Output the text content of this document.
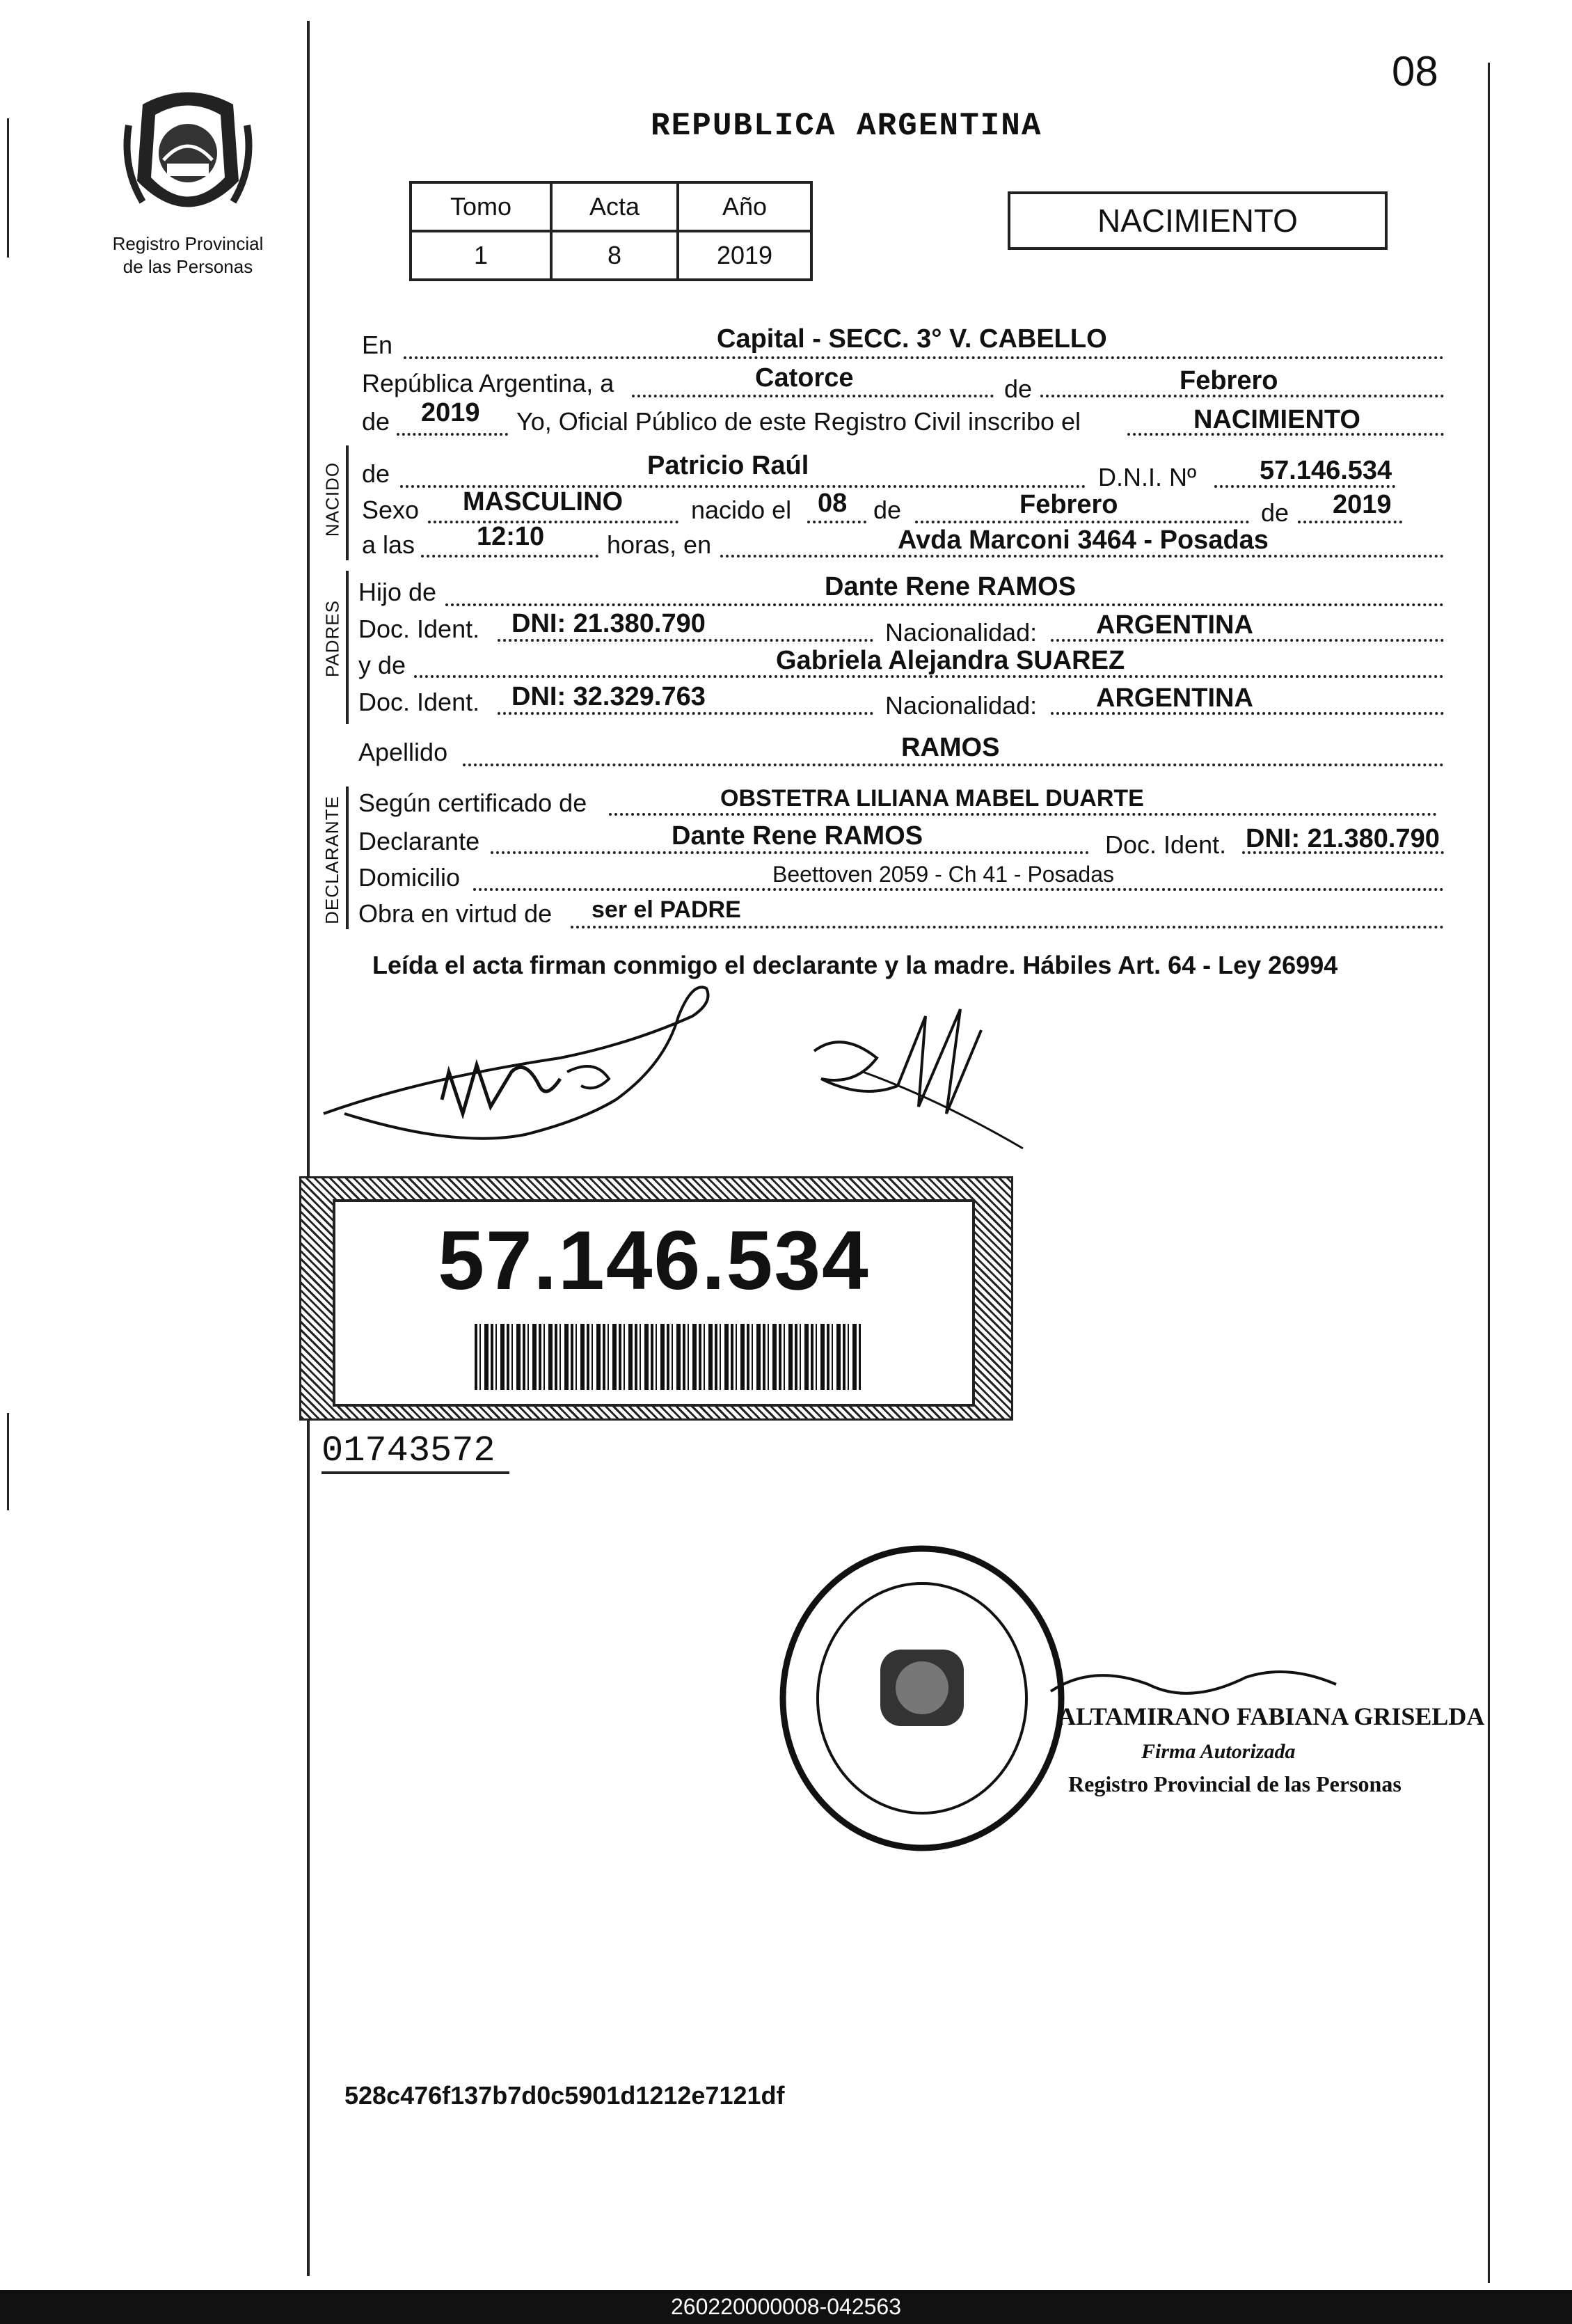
08
Registro Provincial
de las Personas
REPUBLICA ARGENTINA
Tomo	Acta	Año
1	8	2019
NACIMIENTO
En	Capital - SECC. 3° V. CABELLO
República Argentina, a	Catorce	de	Febrero
de 2019 Yo, Oficial Público de este Registro Civil inscribo el	NACIMIENTO
NACIDO de	Patricio Raúl	D.N.I. Nº 57.146.534
Sexo MASCULINO	nacido el 08 de	Febrero	de 2019
a las 12:10 horas, en	Avda Marconi 3464 - Posadas
PADRES
Hijo de	Dante Rene RAMOS
Doc. Ident. DNI: 21.380.790	Nacionalidad: ARGENTINA
y de	Gabriela Alejandra SUAREZ
Doc. Ident. DNI: 32.329.763	Nacionalidad: ARGENTINA
Apellido	RAMOS
DECLARANTE Según certificado de	OBSTETRA LILIANA MABEL DUARTE
Declarante	Dante Rene RAMOS	Doc. Ident. DNI: 21.380.790
Domicilio	Beettoven 2059 - Ch 41 - Posadas
Obra en virtud de ser el PADRE
Leída el acta firman conmigo el declarante y la madre. Hábiles Art. 64 - Ley 26994
57.146.534
01743572
ALTAMIRANO FABIANA GRISELDA
Firma Autorizada
Registro Provincial de las Personas
528c476f137b7d0c5901d1212e7121df
260220000008-042563
